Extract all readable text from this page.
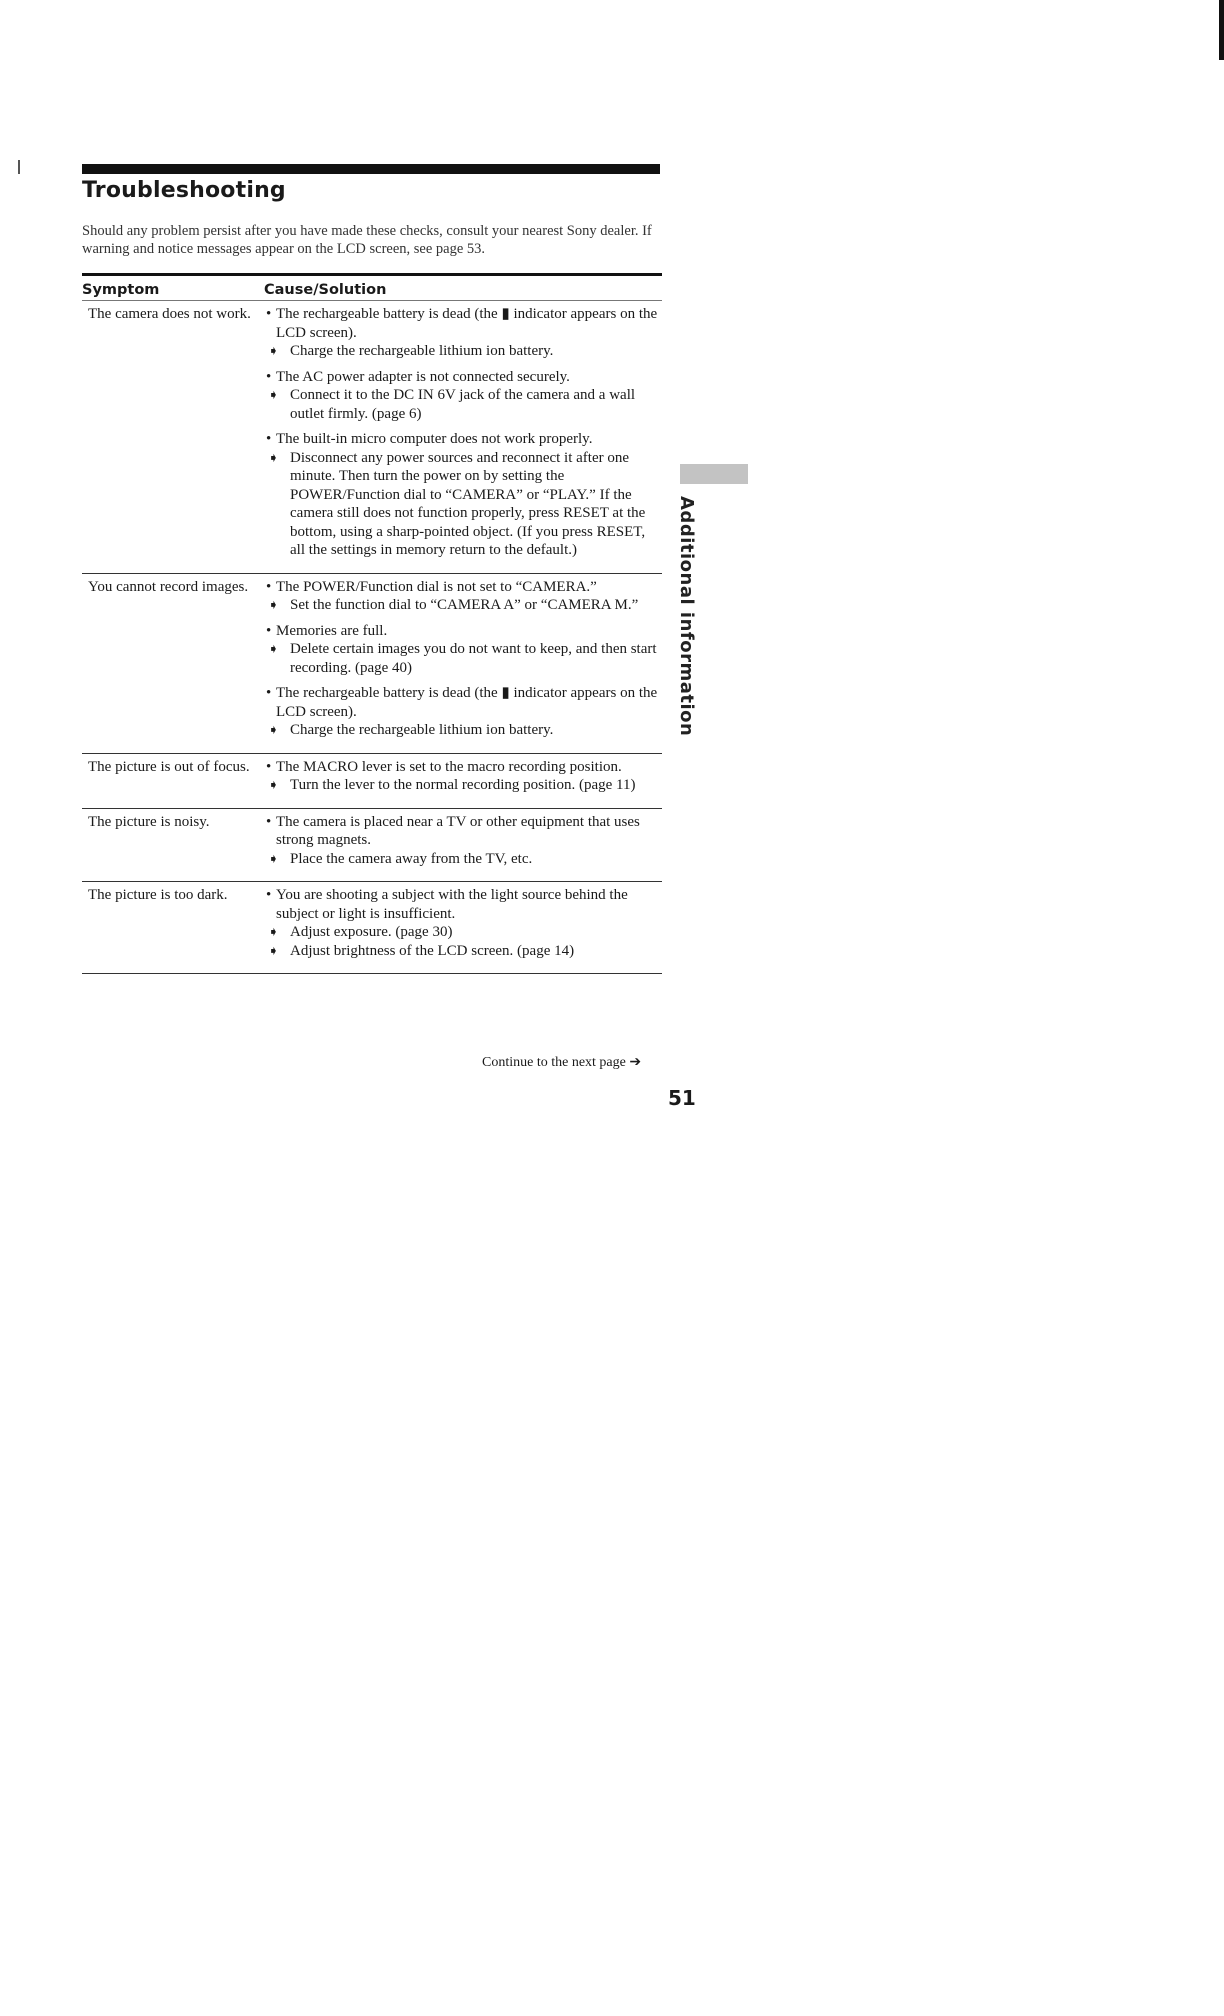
Troubleshooting
Should any problem persist after you have made these checks, consult your nearest Sony dealer. If warning and notice messages appear on the LCD screen, see page 53.
Symptom	Cause/Solution
The camera does not work.	• The rechargeable battery is dead (the ▮ indicator appears on the LCD screen).
➧ Charge the rechargeable lithium ion battery.
• The AC power adapter is not connected securely.
➧ Connect it to the DC IN 6V jack of the camera and a wall outlet firmly. (page 6)
• The built-in micro computer does not work properly.
➧ Disconnect any power sources and reconnect it after one minute. Then turn the power on by setting the POWER/Function dial to “CAMERA” or “PLAY.” If the camera still does not function properly, press RESET at the bottom, using a sharp-pointed object. (If you press RESET, all the settings in memory return to the default.)
You cannot record images.	• The POWER/Function dial is not set to “CAMERA.”
➧ Set the function dial to “CAMERA A” or “CAMERA M.”
• Memories are full.
➧ Delete certain images you do not want to keep, and then start recording. (page 40)
• The rechargeable battery is dead (the ▮ indicator appears on the LCD screen).
➧ Charge the rechargeable lithium ion battery.
The picture is out of focus.	• The MACRO lever is set to the macro recording position.
➧ Turn the lever to the normal recording position. (page 11)
The picture is noisy.	• The camera is placed near a TV or other equipment that uses strong magnets.
➧ Place the camera away from the TV, etc.
The picture is too dark.	• You are shooting a subject with the light source behind the subject or light is insufficient.
➧ Adjust exposure. (page 30)
➧ Adjust brightness of the LCD screen. (page 14)
Additional information
Continue to the next page ➔
51
